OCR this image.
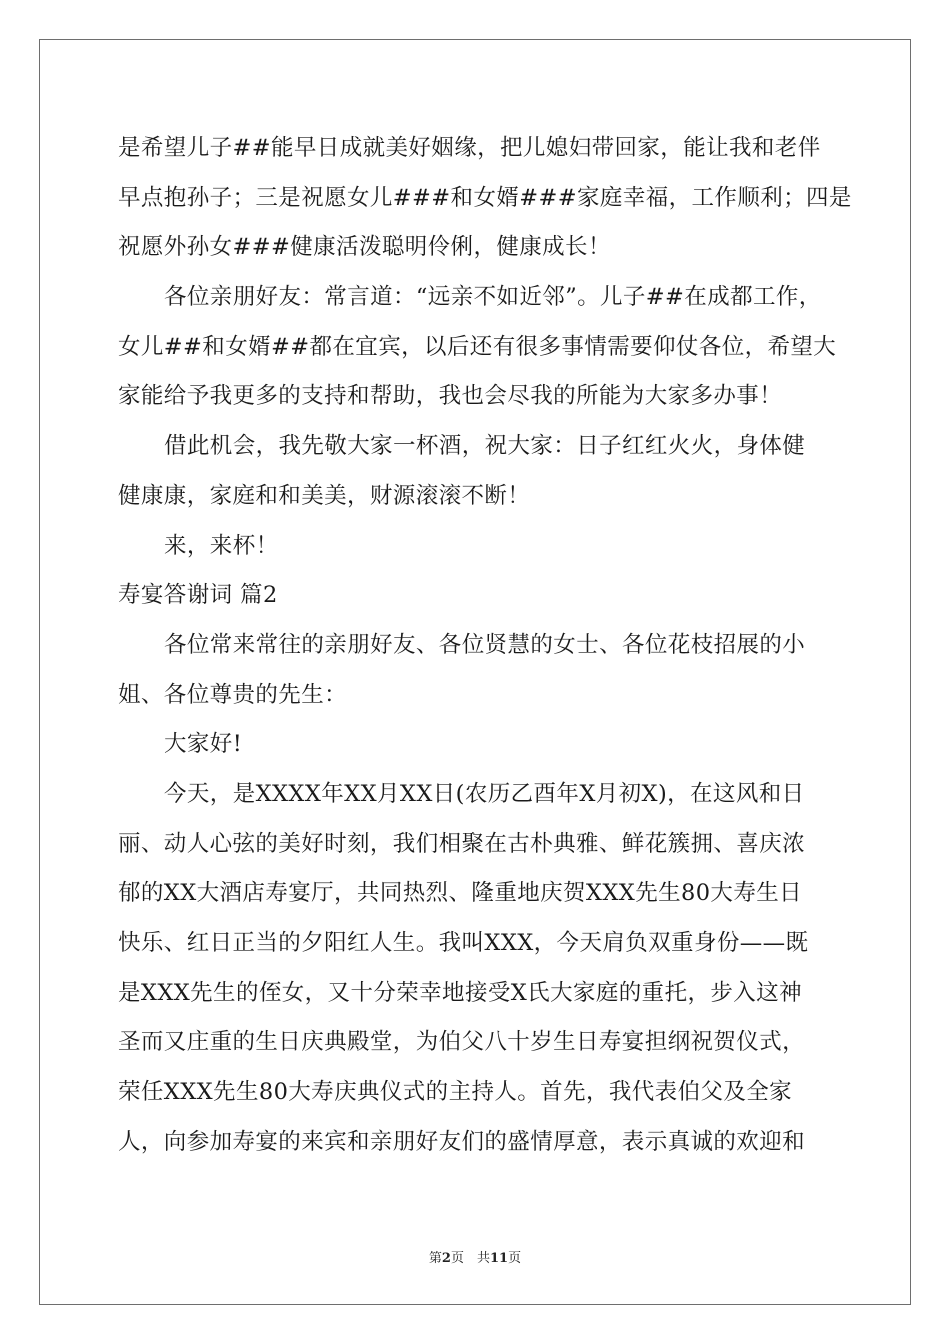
是希望儿子##能早日成就美好姻缘，把儿媳妇带回家，能让我和老伴
早点抱孙子；三是祝愿女儿###和女婿###家庭幸福，工作顺利；四是
祝愿外孙女###健康活泼聪明伶俐，健康成长！
各位亲朋好友：常言道：“远亲不如近邻”。儿子##在成都工作，
女儿##和女婿##都在宜宾，以后还有很多事情需要仰仗各位，希望大
家能给予我更多的支持和帮助，我也会尽我的所能为大家多办事！
借此机会，我先敬大家一杯酒，祝大家：日子红红火火，身体健
健康康，家庭和和美美，财源滚滚不断！
来，来杯！
寿宴答谢词 篇2
各位常来常往的亲朋好友、各位贤慧的女士、各位花枝招展的小
姐、各位尊贵的先生：
大家好!
今天，是XXXX年XX月XX日(农历乙酉年X月初X)，在这风和日
丽、动人心弦的美好时刻，我们相聚在古朴典雅、鲜花簇拥、喜庆浓
郁的XX大酒店寿宴厅，共同热烈、隆重地庆贺XXX先生80大寿生日
快乐、红日正当的夕阳红人生。我叫XXX，今天肩负双重身份——既
是XXX先生的侄女，又十分荣幸地接受X氏大家庭的重托，步入这神
圣而又庄重的生日庆典殿堂，为伯父八十岁生日寿宴担纲祝贺仪式，
荣任XXX先生80大寿庆典仪式的主持人。首先，我代表伯父及全家
人，向参加寿宴的来宾和亲朋好友们的盛情厚意，表示真诚的欢迎和
第2页　共11页
